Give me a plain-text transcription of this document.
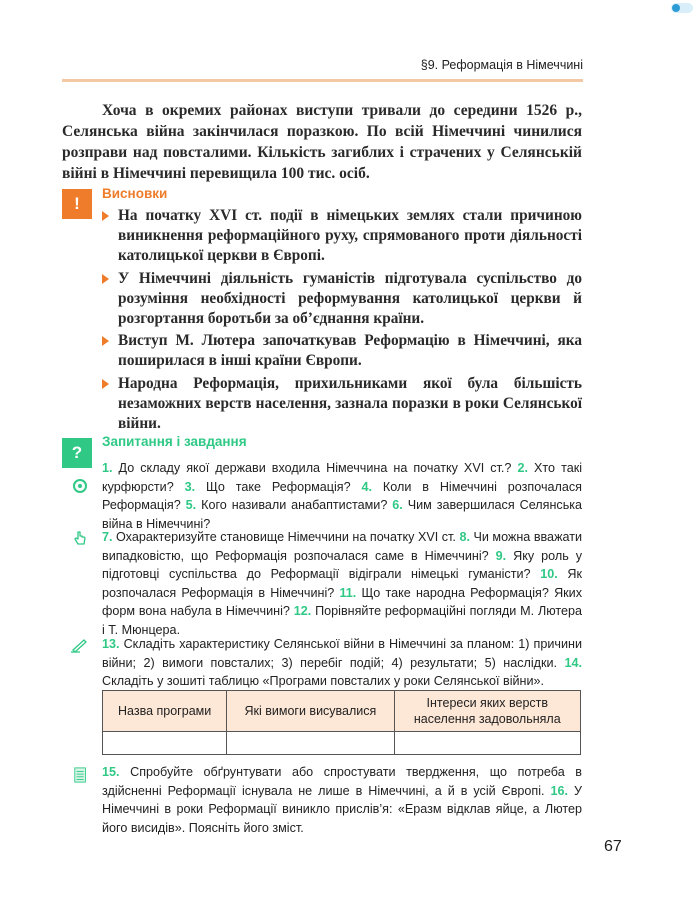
§9. Реформація в Німеччині

Хоча в окремих районах виступи тривали до середини 1526 р., Селянська війна закінчилася поразкою. По всій Німеччині чинилися розправи над повсталими. Кількість загиблих і страчених у Селянській війні в Німеччині перевищила 100 тис. осіб.

!
Висновки
На початку XVI ст. події в німецьких землях стали причиною виникнення реформаційного руху, спрямованого проти діяльності католицької церкви в Європі.
У Німеччині діяльність гуманістів підготувала суспільство до розуміння необхідності реформування католицької церкви й розгортання боротьби за об’єднання країни.
Виступ М. Лютера започаткував Реформацію в Німеччині, яка поширилася в інші країни Європи.
Народна Реформація, прихильниками якої була більшість незаможних верств населення, зазнала поразки в роки Селянської війни.
?
Запитання і завдання
1. До складу якої держави входила Німеччина на початку XVI ст.? 2. Хто такі курфюрсти? 3. Що таке Реформація? 4. Коли в Німеччині розпочалася Реформація? 5. Кого називали анабаптистами? 6. Чим завершилася Селянська війна в Німеччині?
7. Охарактеризуйте становище Німеччини на початку XVI ст. 8. Чи можна вважати випадковістю, що Реформація розпочалася саме в Німеччині? 9. Яку роль у підготовці суспільства до Реформації відіграли німецькі гуманісти? 10. Як розпочалася Реформація в Німеччині? 11. Що таке народна Реформація? Яких форм вона набула в Німеччині? 12. Порівняйте реформаційні погляди М. Лютера і Т. Мюнцера.
13. Складіть характеристику Селянської війни в Німеччині за планом: 1) причини війни; 2) вимоги повсталих; 3) перебіг подій; 4) результати; 5) наслідки. 14. Складіть у зошиті таблицю «Програми повсталих у роки Селянської війни».
Назва програми	Які вимоги висувалися	Інтереси яких верств населення задовольняла

15. Спробуйте обґрунтувати або спростувати твердження, що потреба в здійсненні Реформації існувала не лише в Німеччині, а й в усій Європі. 16. У Німеччині в роки Реформації виникло прислів’я: «Еразм відклав яйце, а Лютер його висидів». Поясніть його зміст.
67
